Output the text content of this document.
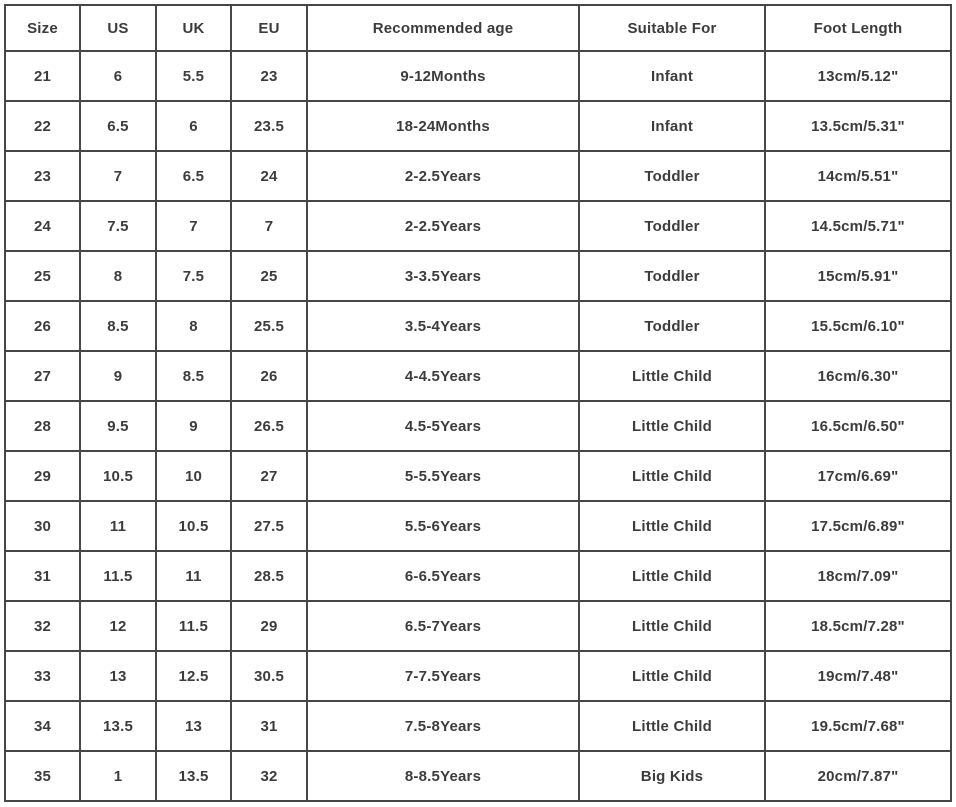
Size	US	UK	EU	Recommended age	Suitable For	Foot Length
21	6	5.5	23	9-12Months	Infant	13cm/5.12"
22	6.5	6	23.5	18-24Months	Infant	13.5cm/5.31"
23	7	6.5	24	2-2.5Years	Toddler	14cm/5.51"
24	7.5	7	7	2-2.5Years	Toddler	14.5cm/5.71"
25	8	7.5	25	3-3.5Years	Toddler	15cm/5.91"
26	8.5	8	25.5	3.5-4Years	Toddler	15.5cm/6.10"
27	9	8.5	26	4-4.5Years	Little Child	16cm/6.30"
28	9.5	9	26.5	4.5-5Years	Little Child	16.5cm/6.50"
29	10.5	10	27	5-5.5Years	Little Child	17cm/6.69"
30	11	10.5	27.5	5.5-6Years	Little Child	17.5cm/6.89"
31	11.5	11	28.5	6-6.5Years	Little Child	18cm/7.09"
32	12	11.5	29	6.5-7Years	Little Child	18.5cm/7.28"
33	13	12.5	30.5	7-7.5Years	Little Child	19cm/7.48"
34	13.5	13	31	7.5-8Years	Little Child	19.5cm/7.68"
35	1	13.5	32	8-8.5Years	Big Kids	20cm/7.87"
